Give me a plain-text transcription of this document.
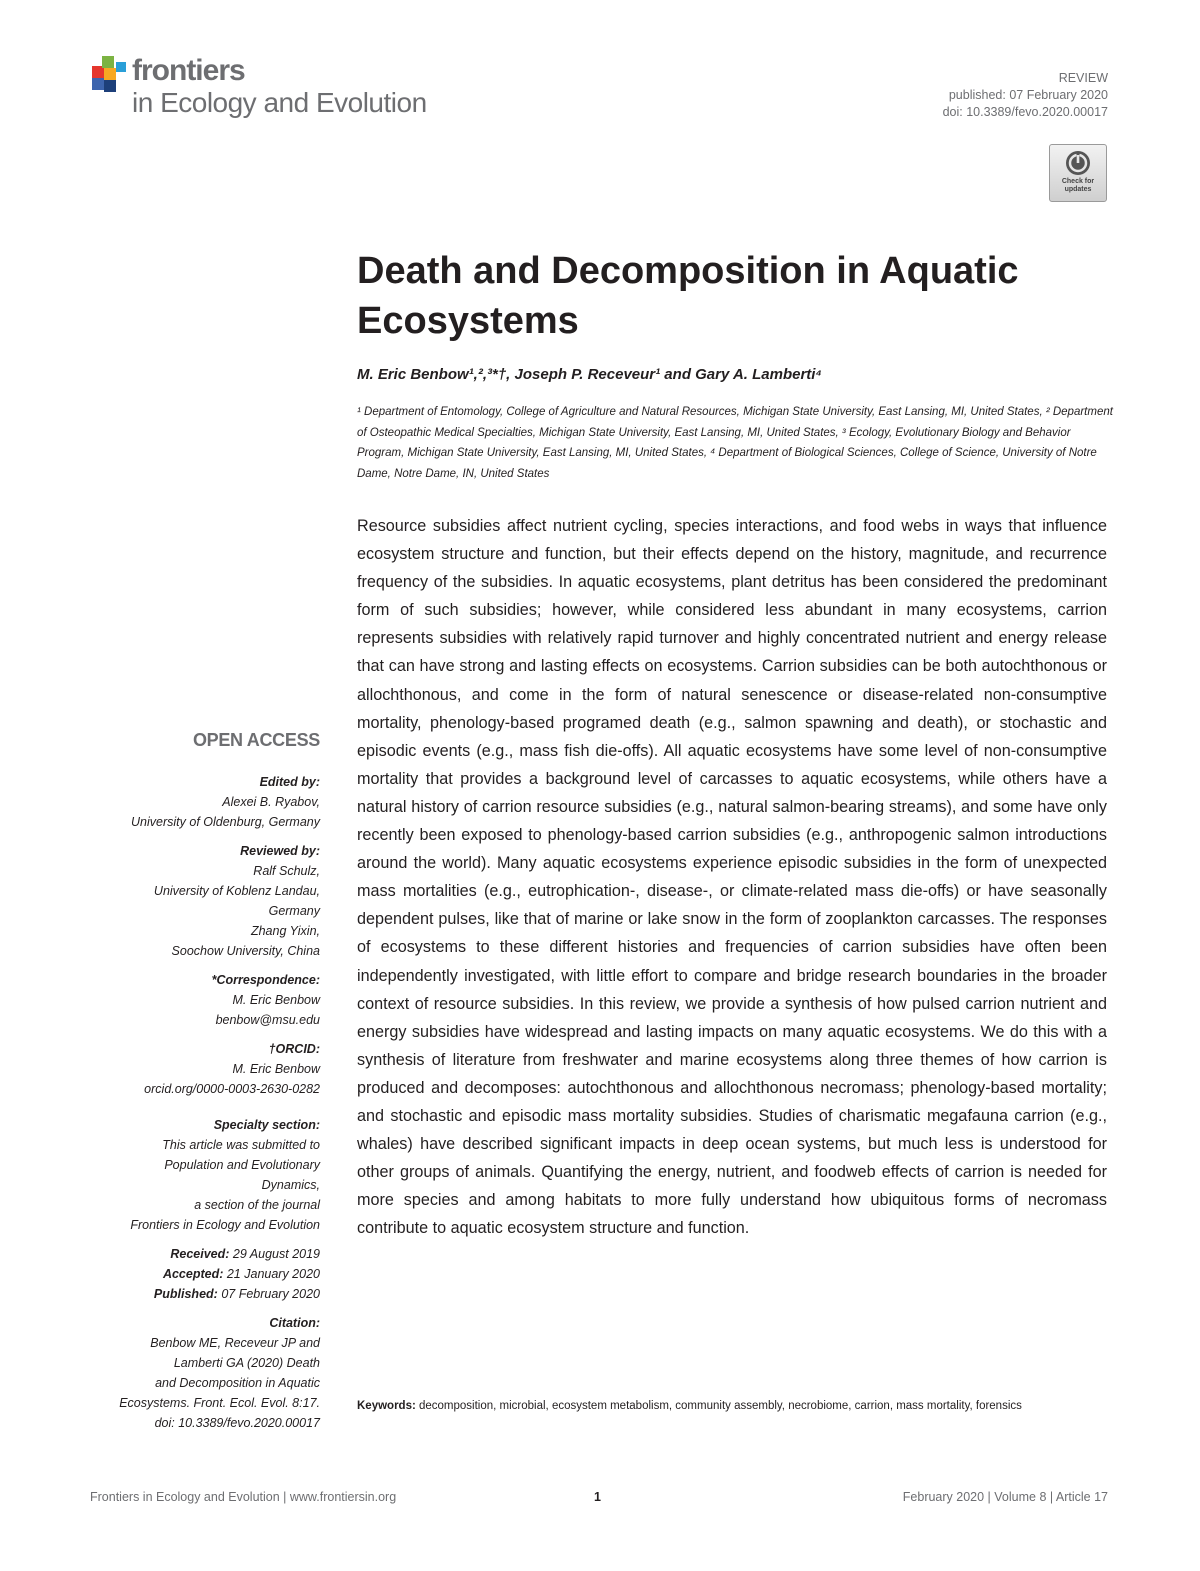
frontiers
in Ecology and Evolution
REVIEW
published: 07 February 2020
doi: 10.3389/fevo.2020.00017
Check for updates
Death and Decomposition in Aquatic Ecosystems

M. Eric Benbow¹,²,³*†, Joseph P. Receveur¹ and Gary A. Lamberti⁴

¹ Department of Entomology, College of Agriculture and Natural Resources, Michigan State University, East Lansing, MI, United States, ² Department of Osteopathic Medical Specialties, Michigan State University, East Lansing, MI, United States, ³ Ecology, Evolutionary Biology and Behavior Program, Michigan State University, East Lansing, MI, United States, ⁴ Department of Biological Sciences, College of Science, University of Notre Dame, Notre Dame, IN, United States

Resource subsidies affect nutrient cycling, species interactions, and food webs in ways that influence ecosystem structure and function, but their effects depend on the history, magnitude, and recurrence frequency of the subsidies. In aquatic ecosystems, plant detritus has been considered the predominant form of such subsidies; however, while considered less abundant in many ecosystems, carrion represents subsidies with relatively rapid turnover and highly concentrated nutrient and energy release that can have strong and lasting effects on ecosystems. Carrion subsidies can be both autochthonous or allochthonous, and come in the form of natural senescence or disease-related non-consumptive mortality, phenology-based programed death (e.g., salmon spawning and death), or stochastic and episodic events (e.g., mass fish die-offs). All aquatic ecosystems have some level of non-consumptive mortality that provides a background level of carcasses to aquatic ecosystems, while others have a natural history of carrion resource subsidies (e.g., natural salmon-bearing streams), and some have only recently been exposed to phenology-based carrion subsidies (e.g., anthropogenic salmon introductions around the world). Many aquatic ecosystems experience episodic subsidies in the form of unexpected mass mortalities (e.g., eutrophication-, disease-, or climate-related mass die-offs) or have seasonally dependent pulses, like that of marine or lake snow in the form of zooplankton carcasses. The responses of ecosystems to these different histories and frequencies of carrion subsidies have often been independently investigated, with little effort to compare and bridge research boundaries in the broader context of resource subsidies. In this review, we provide a synthesis of how pulsed carrion nutrient and energy subsidies have widespread and lasting impacts on many aquatic ecosystems. We do this with a synthesis of literature from freshwater and marine ecosystems along three themes of how carrion is produced and decomposes: autochthonous and allochthonous necromass; phenology-based mortality; and stochastic and episodic mass mortality subsidies. Studies of charismatic megafauna carrion (e.g., whales) have described significant impacts in deep ocean systems, but much less is understood for other groups of animals. Quantifying the energy, nutrient, and foodweb effects of carrion is needed for more species and among habitats to more fully understand how ubiquitous forms of necromass contribute to aquatic ecosystem structure and function.

Keywords: decomposition, microbial, ecosystem metabolism, community assembly, necrobiome, carrion, mass mortality, forensics

OPEN ACCESS

Edited by:

Alexei B. Ryabov,

University of Oldenburg, Germany

Reviewed by:

Ralf Schulz,

University of Koblenz Landau,

Germany

Zhang Yixin,

Soochow University, China

*Correspondence:

M. Eric Benbow

benbow@msu.edu

†ORCID:

M. Eric Benbow

orcid.org/0000-0003-2630-0282

Specialty section:

This article was submitted to

Population and Evolutionary

Dynamics,

a section of the journal

Frontiers in Ecology and Evolution

Received: 29 August 2019

Accepted: 21 January 2020

Published: 07 February 2020

Citation:

Benbow ME, Receveur JP and

Lamberti GA (2020) Death

and Decomposition in Aquatic

Ecosystems. Front. Ecol. Evol. 8:17.

doi: 10.3389/fevo.2020.00017

Frontiers in Ecology and Evolution | www.frontiersin.org	1	February 2020 | Volume 8 | Article 17
